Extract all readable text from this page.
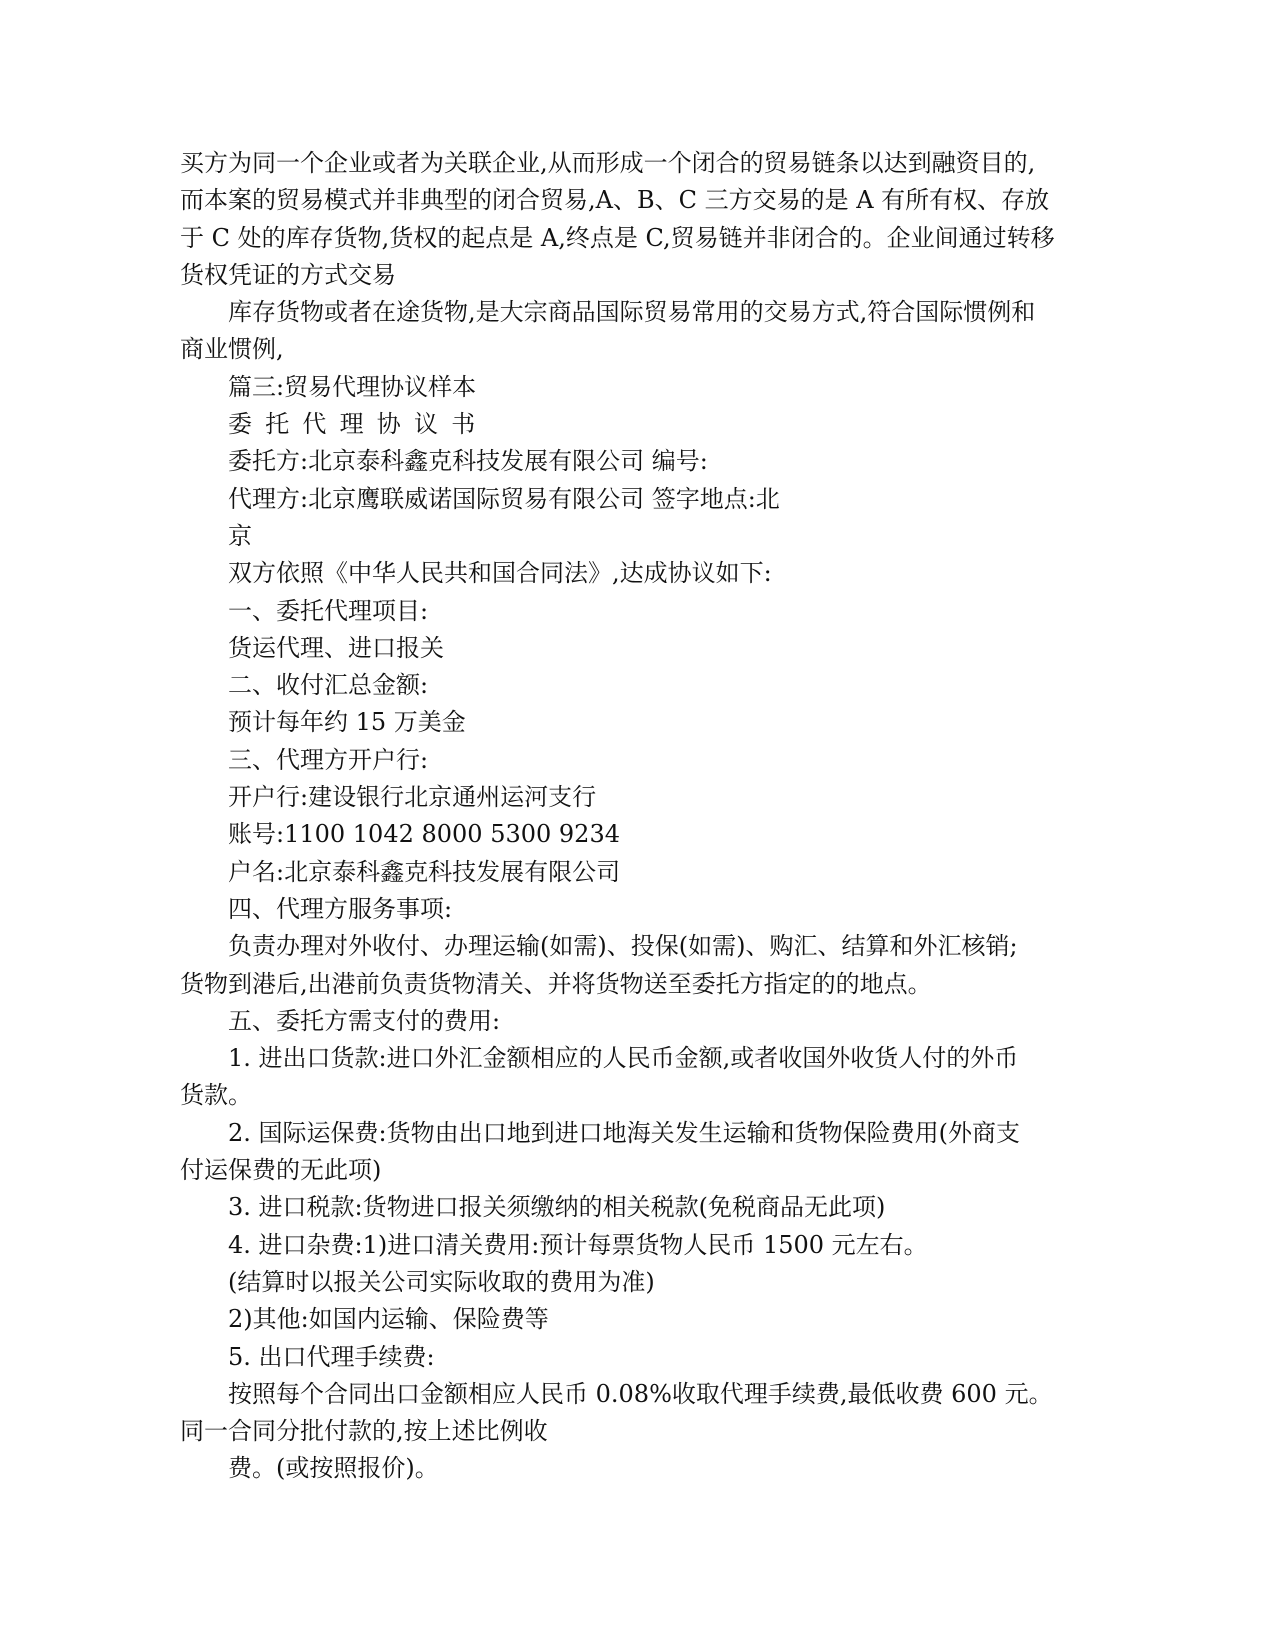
买方为同一个企业或者为关联企业,从而形成一个闭合的贸易链条以达到融资目的,

而本案的贸易模式并非典型的闭合贸易,A、B、C 三方交易的是 A 有所有权、存放

于 C 处的库存货物,货权的起点是 A,终点是 C,贸易链并非闭合的。企业间通过转移

货权凭证的方式交易

库存货物或者在途货物,是大宗商品国际贸易常用的交易方式,符合国际惯例和

商业惯例,

篇三:贸易代理协议样本

委托代理协议书

委托方:北京泰科鑫克科技发展有限公司 编号:

代理方:北京鹰联威诺国际贸易有限公司 签字地点:北

京

双方依照《中华人民共和国合同法》,达成协议如下:

一、委托代理项目:

货运代理、进口报关

二、收付汇总金额:

预计每年约 15 万美金

三、代理方开户行:

开户行:建设银行北京通州运河支行

账号:1100 1042 8000 5300 9234

户名:北京泰科鑫克科技发展有限公司

四、代理方服务事项:

负责办理对外收付、办理运输(如需)、投保(如需)、购汇、结算和外汇核销;

货物到港后,出港前负责货物清关、并将货物送至委托方指定的的地点。

五、委托方需支付的费用:

1. 进出口货款:进口外汇金额相应的人民币金额,或者收国外收货人付的外币

货款。

2. 国际运保费:货物由出口地到进口地海关发生运输和货物保险费用(外商支

付运保费的无此项)

3. 进口税款:货物进口报关须缴纳的相关税款(免税商品无此项)

4. 进口杂费:1)进口清关费用:预计每票货物人民币 1500 元左右。

(结算时以报关公司实际收取的费用为准)

2)其他:如国内运输、保险费等

5. 出口代理手续费:

按照每个合同出口金额相应人民币 0.08%收取代理手续费,最低收费 600 元。

同一合同分批付款的,按上述比例收

费。(或按照报价)。
